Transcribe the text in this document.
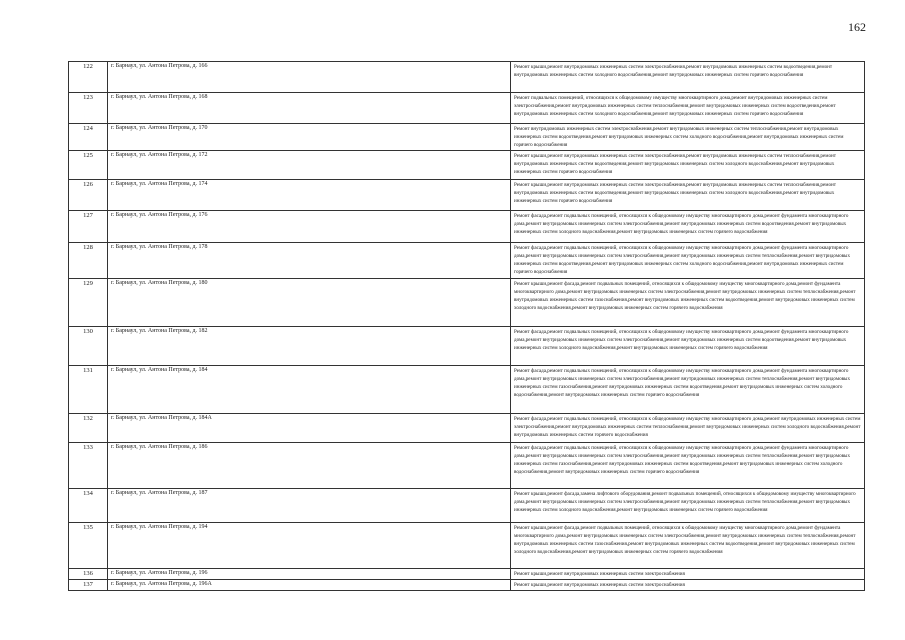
162
122	г. Барнаул, ул. Антона Петрова, д. 166	Ремонт крыши,ремонт внутридомовых инженерных систем электроснабжения,ремонт внутридомовых инженерных систем водоотведения,ремонт внутридомовых инженерных систем холодного водоснабжения,ремонт внутридомовых инженерных систем горячего водоснабжения
123	г. Барнаул, ул. Антона Петрова, д. 168	Ремонт подвальных помещений, относящихся к общедомовому имуществу многоквартирного дома,ремонт внутридомовых инженерных систем электроснабжения,ремонт внутридомовых инженерных систем теплоснабжения,ремонт внутридомовых инженерных систем водоотведения,ремонт внутридомовых инженерных систем холодного водоснабжения,ремонт внутридомовых инженерных систем горячего водоснабжения
124	г. Барнаул, ул. Антона Петрова, д. 170	Ремонт внутридомовых инженерных систем электроснабжения,ремонт внутридомовых инженерных систем теплоснабжения,ремонт внутридомовых инженерных систем водоотведения,ремонт внутридомовых инженерных систем холодного водоснабжения,ремонт внутридомовых инженерных систем горячего водоснабжения
125	г. Барнаул, ул. Антона Петрова, д. 172	Ремонт крыши,ремонт внутридомовых инженерных систем электроснабжения,ремонт внутридомовых инженерных систем теплоснабжения,ремонт внутридомовых инженерных систем водоотведения,ремонт внутридомовых инженерных систем холодного водоснабжения,ремонт внутридомовых инженерных систем горячего водоснабжения
126	г. Барнаул, ул. Антона Петрова, д. 174	Ремонт крыши,ремонт внутридомовых инженерных систем электроснабжения,ремонт внутридомовых инженерных систем теплоснабжения,ремонт внутридомовых инженерных систем водоотведения,ремонт внутридомовых инженерных систем холодного водоснабжения,ремонт внутридомовых инженерных систем горячего водоснабжения
127	г. Барнаул, ул. Антона Петрова, д. 176	Ремонт фасада,ремонт подвальных помещений, относящихся к общедомовому имуществу многоквартирного дома,ремонт фундамента многоквартирного дома,ремонт внутридомовых инженерных систем электроснабжения,ремонт внутридомовых инженерных систем водоотведения,ремонт внутридомовых инженерных систем холодного водоснабжения,ремонт внутридомовых инженерных систем горячего водоснабжения
128	г. Барнаул, ул. Антона Петрова, д. 178	Ремонт фасада,ремонт подвальных помещений, относящихся к общедомовому имуществу многоквартирного дома,ремонт фундамента многоквартирного дома,ремонт внутридомовых инженерных систем электроснабжения,ремонт внутридомовых инженерных систем теплоснабжения,ремонт внутридомовых инженерных систем водоотведения,ремонт внутридомовых инженерных систем холодного водоснабжения,ремонт внутридомовых инженерных систем горячего водоснабжения
129	г. Барнаул, ул. Антона Петрова, д. 180	Ремонт крыши,ремонт фасада,ремонт подвальных помещений, относящихся к общедомовому имуществу многоквартирного дома,ремонт фундамента многоквартирного дома,ремонт внутридомовых инженерных систем электроснабжения,ремонт внутридомовых инженерных систем теплоснабжения,ремонт внутридомовых инженерных систем газоснабжения,ремонт внутридомовых инженерных систем водоотведения,ремонт внутридомовых инженерных систем холодного водоснабжения,ремонт внутридомовых инженерных систем горячего водоснабжения
130	г. Барнаул, ул. Антона Петрова, д. 182	Ремонт фасада,ремонт подвальных помещений, относящихся к общедомовому имуществу многоквартирного дома,ремонт фундамента многоквартирного дома,ремонт внутридомовых инженерных систем электроснабжения,ремонт внутридомовых инженерных систем водоотведения,ремонт внутридомовых инженерных систем холодного водоснабжения,ремонт внутридомовых инженерных систем горячего водоснабжения
131	г. Барнаул, ул. Антона Петрова, д. 184	Ремонт фасада,ремонт подвальных помещений, относящихся к общедомовому имуществу многоквартирного дома,ремонт фундамента многоквартирного дома,ремонт внутридомовых инженерных систем электроснабжения,ремонт внутридомовых инженерных систем теплоснабжения,ремонт внутридомовых инженерных систем газоснабжения,ремонт внутридомовых инженерных систем водоотведения,ремонт внутридомовых инженерных систем холодного водоснабжения,ремонт внутридомовых инженерных систем горячего водоснабжения
132	г. Барнаул, ул. Антона Петрова, д. 184А	Ремонт фасада,ремонт подвальных помещений, относящихся к общедомовому имуществу многоквартирного дома,ремонт внутридомовых инженерных систем электроснабжения,ремонт внутридомовых инженерных систем теплоснабжения,ремонт внутридомовых инженерных систем холодного водоснабжения,ремонт внутридомовых инженерных систем горячего водоснабжения
133	г. Барнаул, ул. Антона Петрова, д. 186	Ремонт фасада,ремонт подвальных помещений, относящихся к общедомовому имуществу многоквартирного дома,ремонт фундамента многоквартирного дома,ремонт внутридомовых инженерных систем электроснабжения,ремонт внутридомовых инженерных систем теплоснабжения,ремонт внутридомовых инженерных систем газоснабжения,ремонт внутридомовых инженерных систем водоотведения,ремонт внутридомовых инженерных систем холодного водоснабжения,ремонт внутридомовых инженерных систем горячего водоснабжения
134	г. Барнаул, ул. Антона Петрова, д. 187	Ремонт крыши,ремонт фасада,замена лифтового оборудования,ремонт подвальных помещений, относящихся к общедомовому имуществу многоквартирного дома,ремонт внутридомовых инженерных систем электроснабжения,ремонт внутридомовых инженерных систем теплоснабжения,ремонт внутридомовых инженерных систем холодного водоснабжения,ремонт внутридомовых инженерных систем горячего водоснабжения
135	г. Барнаул, ул. Антона Петрова, д. 194	Ремонт крыши,ремонт фасада,ремонт подвальных помещений, относящихся к общедомовому имуществу многоквартирного дома,ремонт фундамента многоквартирного дома,ремонт внутридомовых инженерных систем электроснабжения,ремонт внутридомовых инженерных систем теплоснабжения,ремонт внутридомовых инженерных систем газоснабжения,ремонт внутридомовых инженерных систем водоотведения,ремонт внутридомовых инженерных систем холодного водоснабжения,ремонт внутридомовых инженерных систем горячего водоснабжения
136	г. Барнаул, ул. Антона Петрова, д. 196	Ремонт крыши,ремонт внутридомовых инженерных систем электроснабжения
137	г. Барнаул, ул. Антона Петрова, д. 196А	Ремонт крыши,ремонт внутридомовых инженерных систем электроснабжения
